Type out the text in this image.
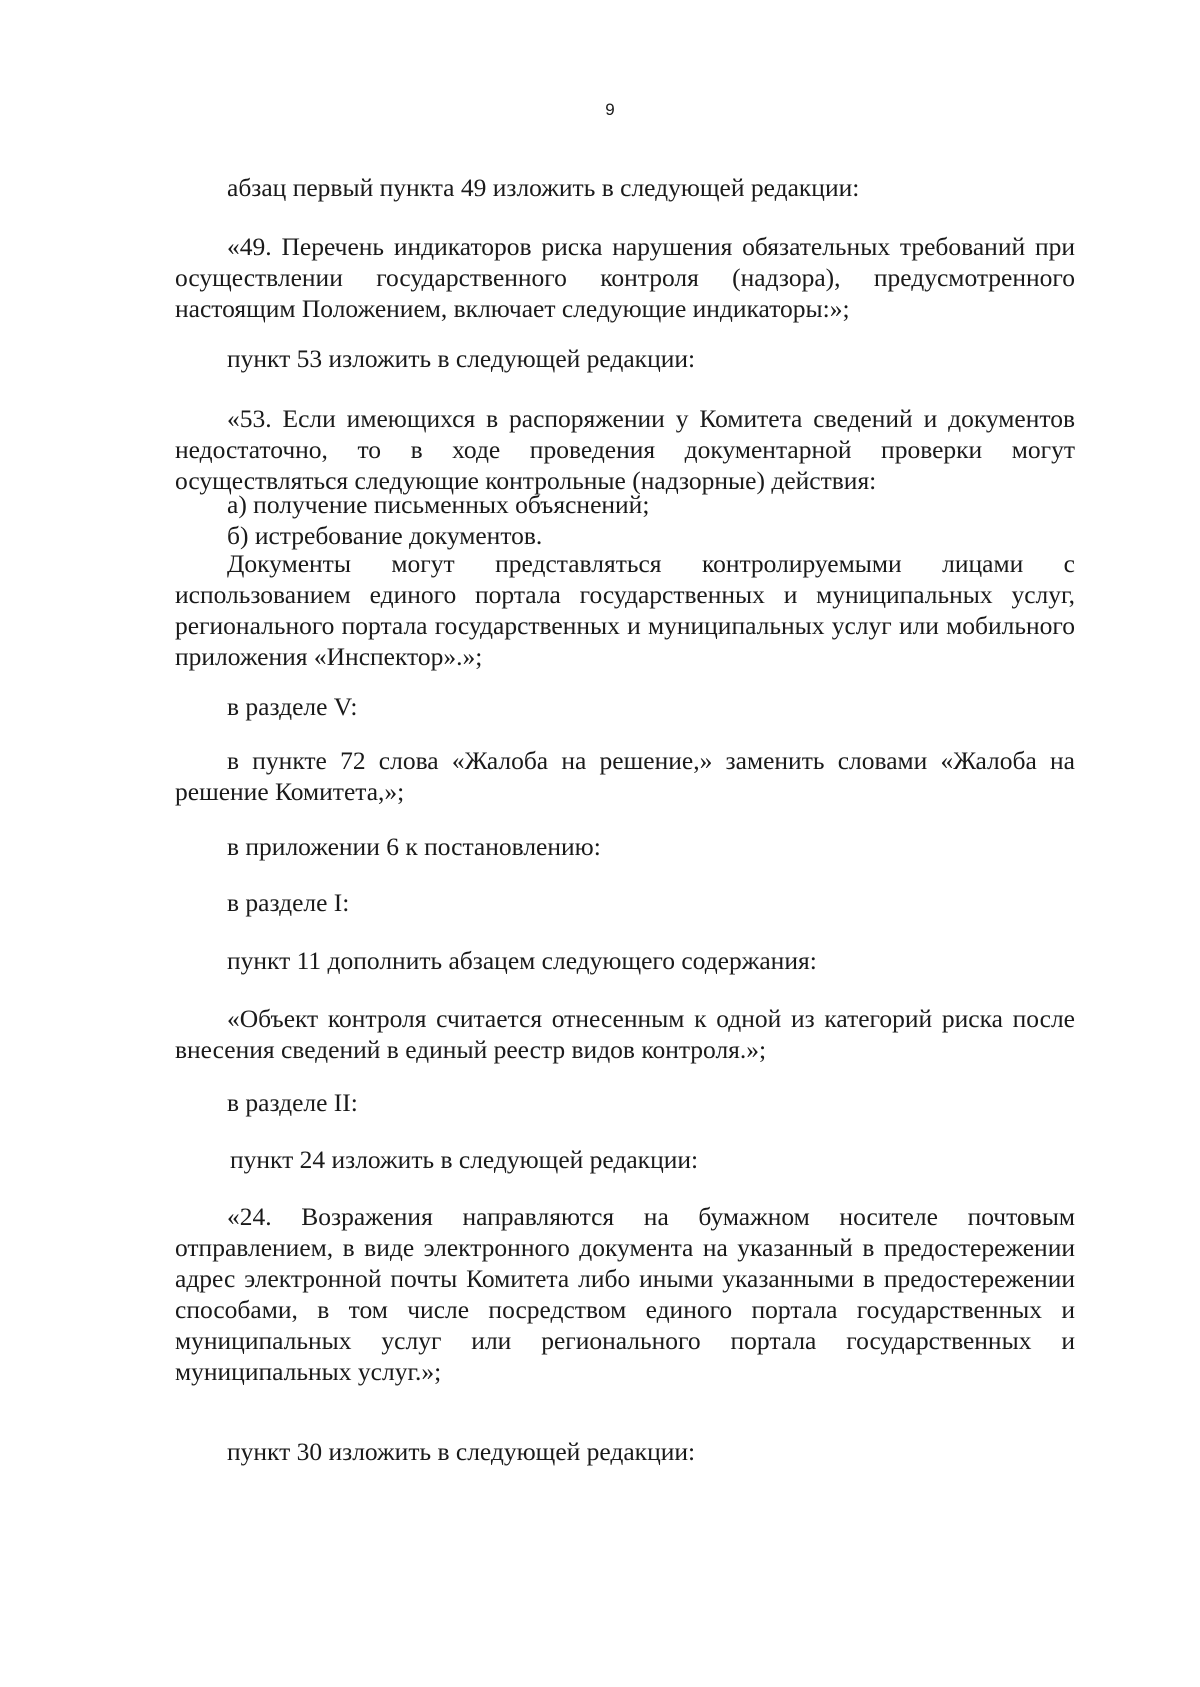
9

абзац первый пункта 49 изложить в следующей редакции:

«49. Перечень индикаторов риска нарушения обязательных требований при осуществлении государственного контроля (надзора), предусмотренного настоящим Положением, включает следующие индикаторы:»;

пункт 53 изложить в следующей редакции:

«53. Если имеющихся в распоряжении у Комитета сведений и документов недостаточно, то в ходе проведения документарной проверки могут осуществляться следующие контрольные (надзорные) действия:

а) получение письменных объяснений;

б) истребование документов.

Документы могут представляться контролируемыми лицами с использованием единого портала государственных и муниципальных услуг, регионального портала государственных и муниципальных услуг или мобильного приложения «Инспектор».»;

в разделе V:

в пункте 72 слова «Жалоба на решение,» заменить словами «Жалоба на решение Комитета,»;

в приложении 6 к постановлению:

в разделе I:

пункт 11 дополнить абзацем следующего содержания:

«Объект контроля считается отнесенным к одной из категорий риска после внесения сведений в единый реестр видов контроля.»;

в разделе II:

пункт 24 изложить в следующей редакции:

«24. Возражения направляются на бумажном носителе почтовым отправлением, в виде электронного документа на указанный в предостережении адрес электронной почты Комитета либо иными указанными в предостережении способами, в том числе посредством единого портала государственных и муниципальных услуг или регионального портала государственных и муниципальных услуг.»;

пункт 30 изложить в следующей редакции:
